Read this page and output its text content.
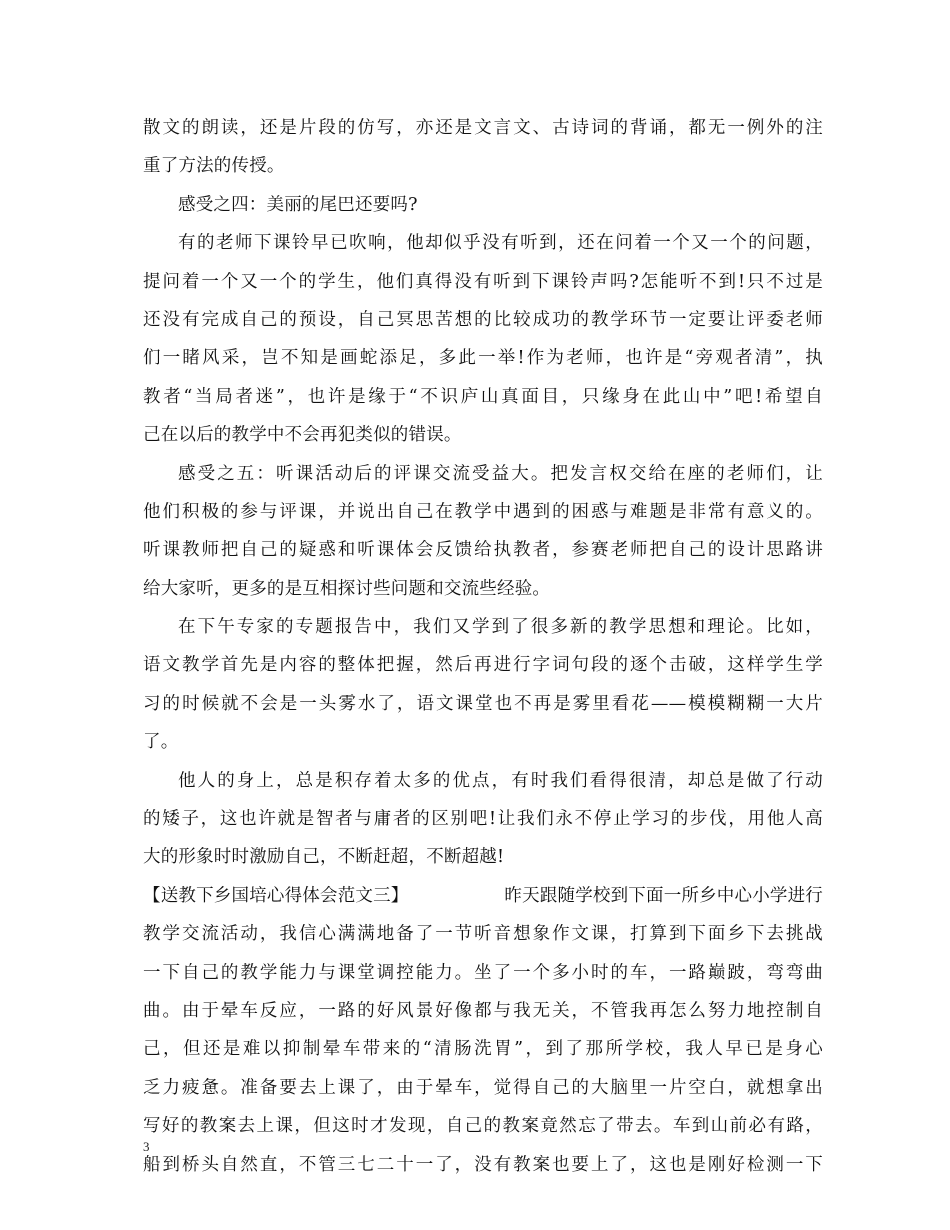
散文的朗读，还是片段的仿写，亦还是文言文、古诗词的背诵，都无一例外的注
重了方法的传授。
感受之四：美丽的尾巴还要吗?
有的老师下课铃早已吹响，他却似乎没有听到，还在问着一个又一个的问题，
提问着一个又一个的学生，他们真得没有听到下课铃声吗?怎能听不到!只不过是
还没有完成自己的预设，自己冥思苦想的比较成功的教学环节一定要让评委老师
们一睹风采，岂不知是画蛇添足，多此一举!作为老师，也许是“旁观者清”，执
教者“当局者迷”，也许是缘于“不识庐山真面目，只缘身在此山中”吧!希望自
己在以后的教学中不会再犯类似的错误。
感受之五：听课活动后的评课交流受益大。把发言权交给在座的老师们，让
他们积极的参与评课，并说出自己在教学中遇到的困惑与难题是非常有意义的。
听课教师把自己的疑惑和听课体会反馈给执教者，参赛老师把自己的设计思路讲
给大家听，更多的是互相探讨些问题和交流些经验。
在下午专家的专题报告中，我们又学到了很多新的教学思想和理论。比如，
语文教学首先是内容的整体把握，然后再进行字词句段的逐个击破，这样学生学
习的时候就不会是一头雾水了，语文课堂也不再是雾里看花——模模糊糊一大片
了。
他人的身上，总是积存着太多的优点，有时我们看得很清，却总是做了行动
的矮子，这也许就是智者与庸者的区别吧!让我们永不停止学习的步伐，用他人高
大的形象时时激励自己，不断赶超，不断超越!
【送教下乡国培心得体会范文三】	昨天跟随学校到下面一所乡中心小学进行
教学交流活动，我信心满满地备了一节听音想象作文课，打算到下面乡下去挑战
一下自己的教学能力与课堂调控能力。坐了一个多小时的车，一路巅跛，弯弯曲
曲。由于晕车反应，一路的好风景好像都与我无关，不管我再怎么努力地控制自
己，但还是难以抑制晕车带来的“清肠洗胃”，到了那所学校，我人早已是身心
乏力疲惫。准备要去上课了，由于晕车，觉得自己的大脑里一片空白，就想拿出
写好的教案去上课，但这时才发现，自己的教案竟然忘了带去。车到山前必有路，
船到桥头自然直，不管三七二十一了，没有教案也要上了，这也是刚好检测一下
3
